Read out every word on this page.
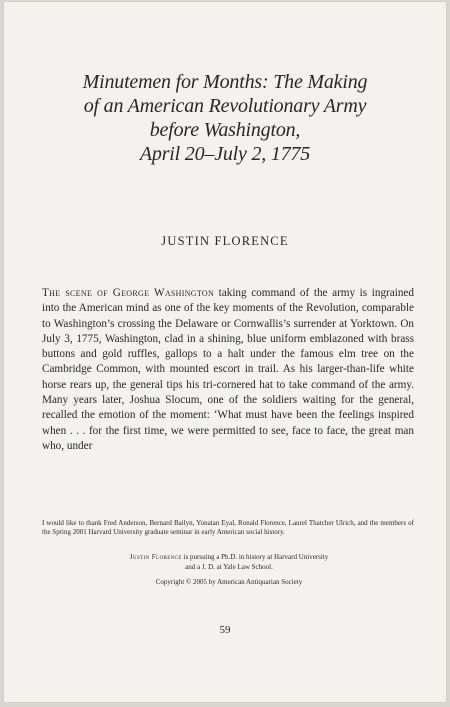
Minutemen for Months: The Making
of an American Revolutionary Army
before Washington,
April 20–July 2, 1775
JUSTIN FLORENCE

The scene of George Washington taking command of the army is ingrained into the American mind as one of the key moments of the Revolution, comparable to Washington’s crossing the Delaware or Cornwallis’s surrender at Yorktown. On July 3, 1775, Washington, clad in a shining, blue uniform emblazoned with brass buttons and gold ruffles, gallops to a halt under the famous elm tree on the Cambridge Common, with mounted escort in trail. As his larger-than-life white horse rears up, the general tips his tri-cornered hat to take command of the army. Many years later, Joshua Slocum, one of the soldiers waiting for the general, recalled the emotion of the moment: ‘What must have been the feelings inspired when . . . for the first time, we were permitted to see, face to face, the great man who, under

I would like to thank Fred Anderson, Bernard Bailyn, Yonatan Eyal, Ronald Florence, Laurel Thatcher Ulrich, and the members of the Spring 2001 Harvard University graduate seminar in early American social history.

Justin Florence is pursuing a Ph.D. in history at Harvard University

and a J. D. at Yale Law School.

Copyright © 2005 by American Antiquarian Society
59
